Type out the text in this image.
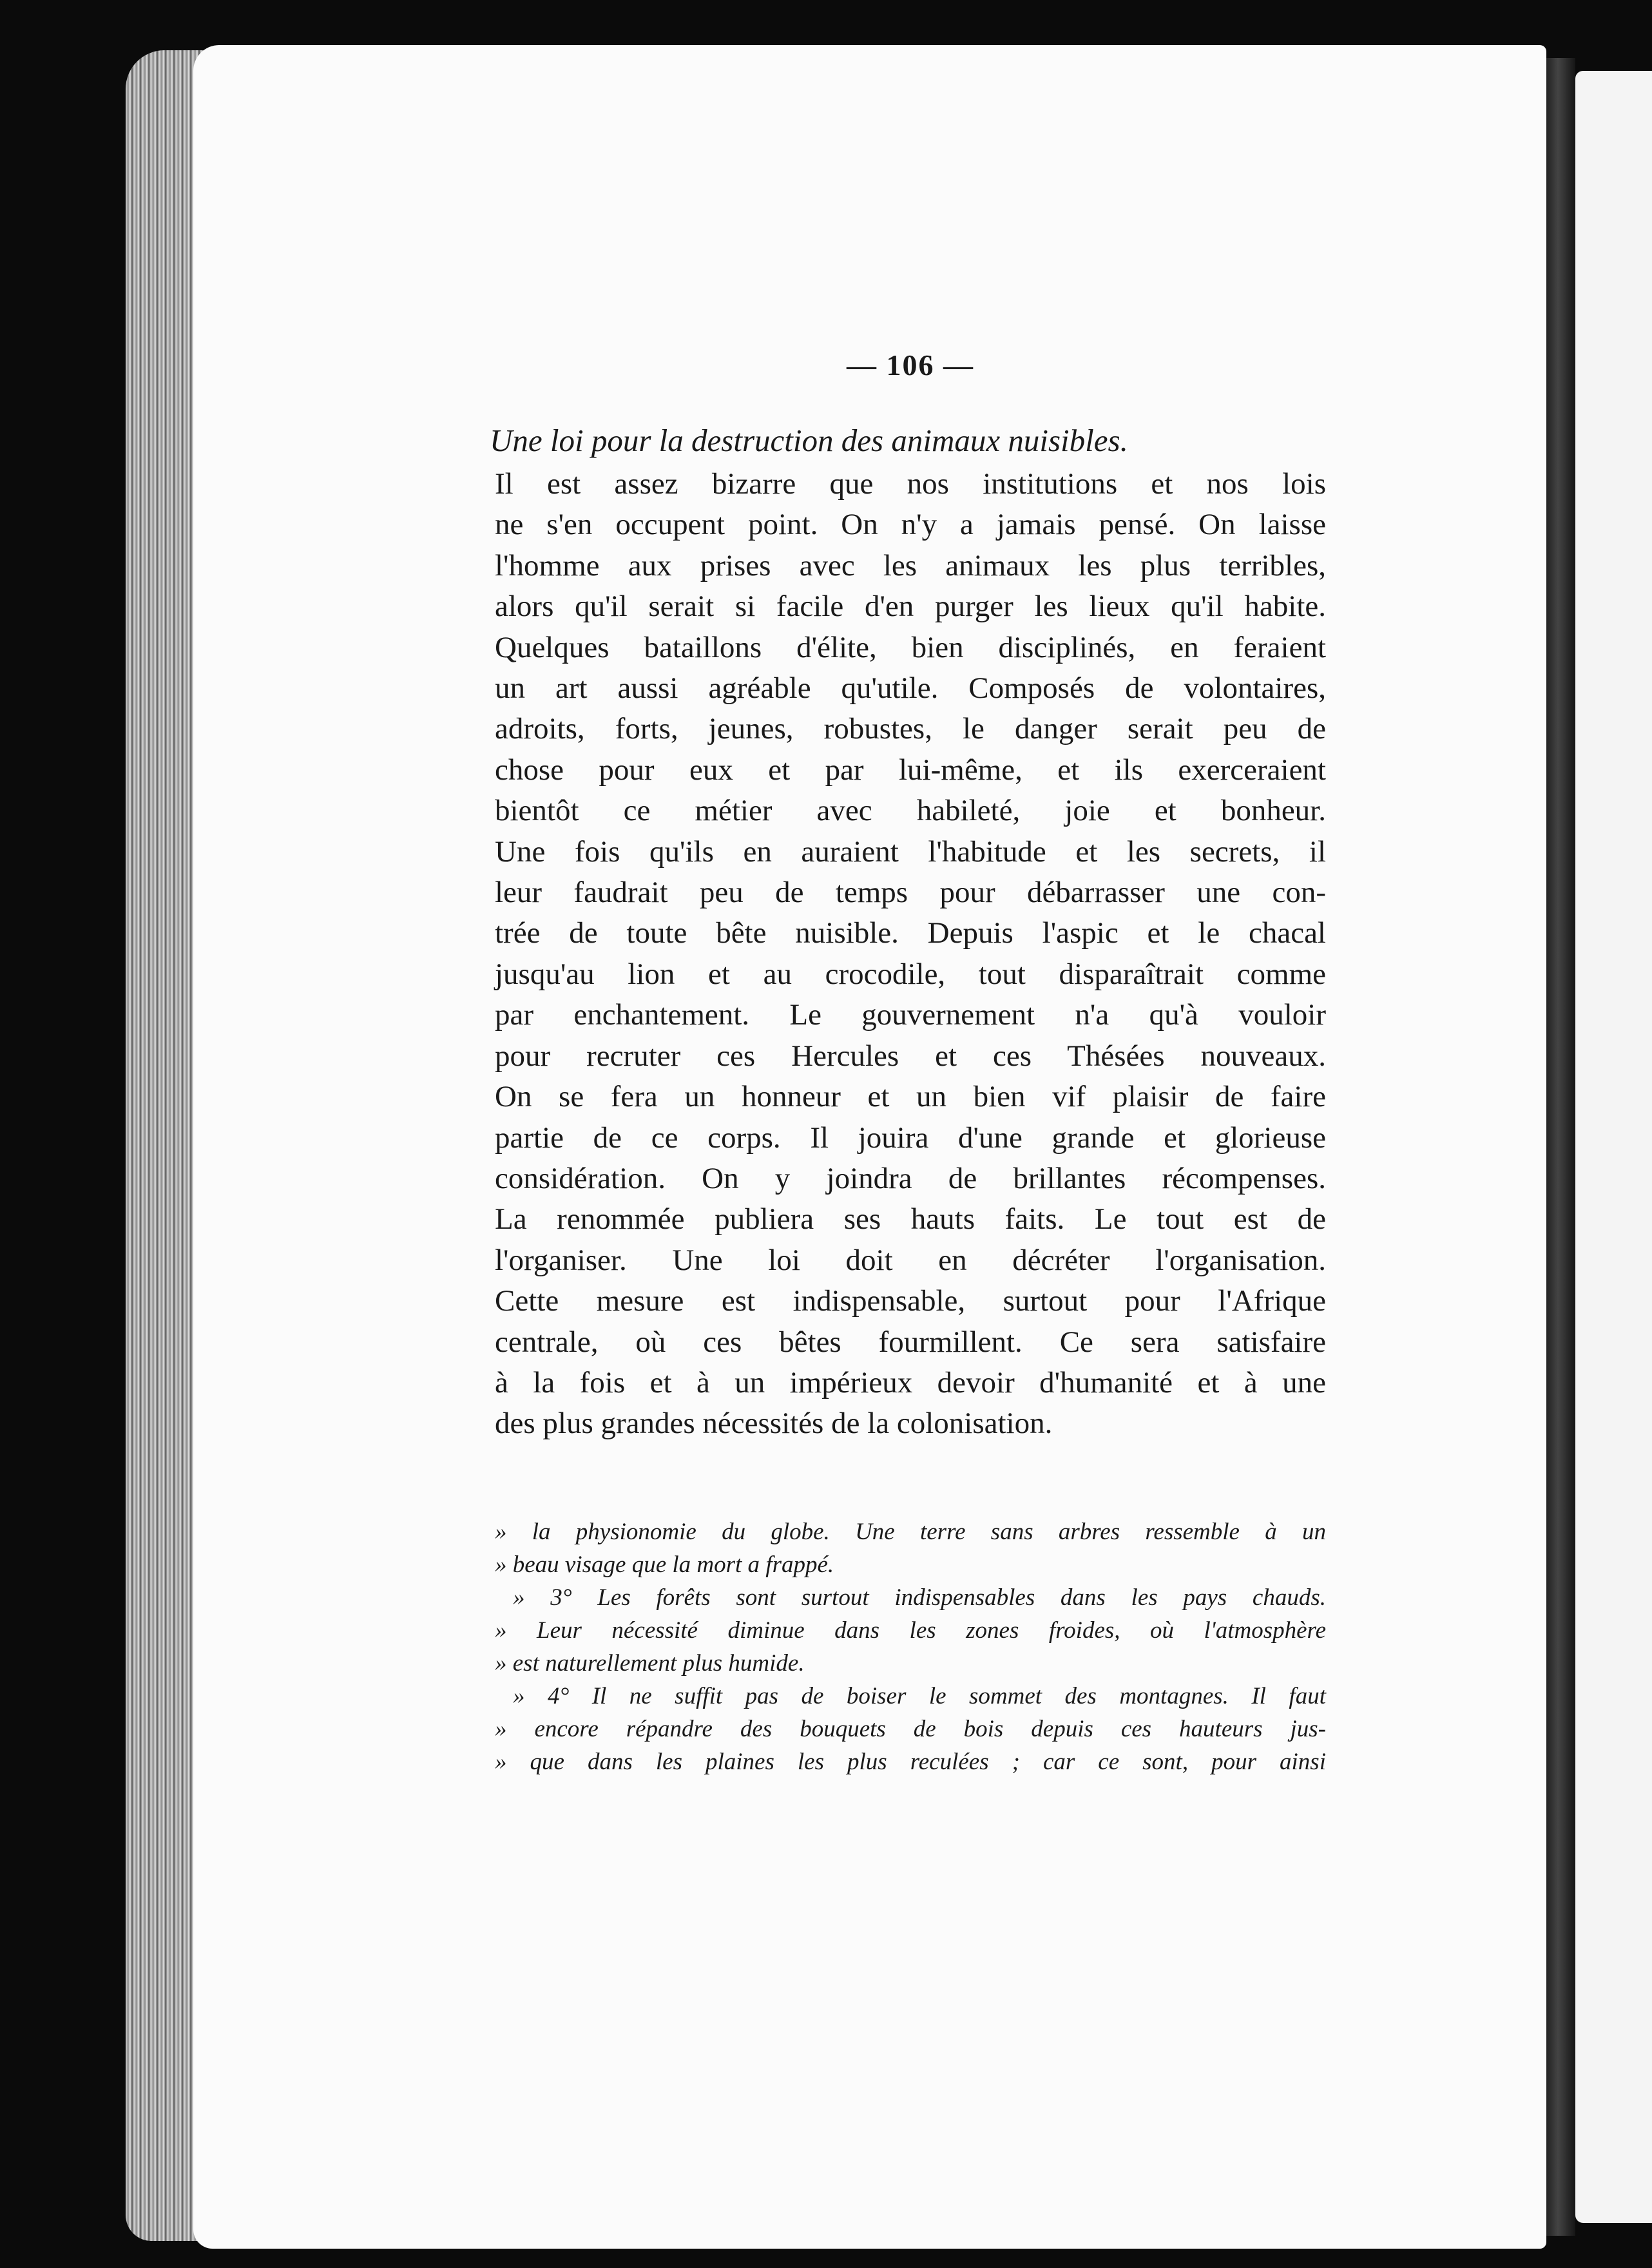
— 106 —
Une loi pour la destruction des animaux nuisibles.
Il est assez bizarre que nos institutions et nos lois
ne s'en occupent point. On n'y a jamais pensé. On laisse
l'homme aux prises avec les animaux les plus terribles,
alors qu'il serait si facile d'en purger les lieux qu'il habite.
Quelques bataillons d'élite, bien disciplinés, en feraient
un art aussi agréable qu'utile. Composés de volontaires,
adroits, forts, jeunes, robustes, le danger serait peu de
chose pour eux et par lui-même, et ils exerceraient
bientôt ce métier avec habileté, joie et bonheur.
Une fois qu'ils en auraient l'habitude et les secrets, il
leur faudrait peu de temps pour débarrasser une con-
trée de toute bête nuisible. Depuis l'aspic et le chacal
jusqu'au lion et au crocodile, tout disparaîtrait comme
par enchantement. Le gouvernement n'a qu'à vouloir
pour recruter ces Hercules et ces Thésées nouveaux.
On se fera un honneur et un bien vif plaisir de faire
partie de ce corps. Il jouira d'une grande et glorieuse
considération. On y joindra de brillantes récompenses.
La renommée publiera ses hauts faits. Le tout est de
l'organiser. Une loi doit en décréter l'organisation.
Cette mesure est indispensable, surtout pour l'Afrique
centrale, où ces bêtes fourmillent. Ce sera satisfaire
à la fois et à un impérieux devoir d'humanité et à une
des plus grandes nécessités de la colonisation.
» la physionomie du globe. Une terre sans arbres ressemble à un
» beau visage que la mort a frappé.
» 3° Les forêts sont surtout indispensables dans les pays chauds.
» Leur nécessité diminue dans les zones froides, où l'atmosphère
» est naturellement plus humide.
» 4° Il ne suffit pas de boiser le sommet des montagnes. Il faut
» encore répandre des bouquets de bois depuis ces hauteurs jus-
» que dans les plaines les plus reculées ; car ce sont, pour ainsi
